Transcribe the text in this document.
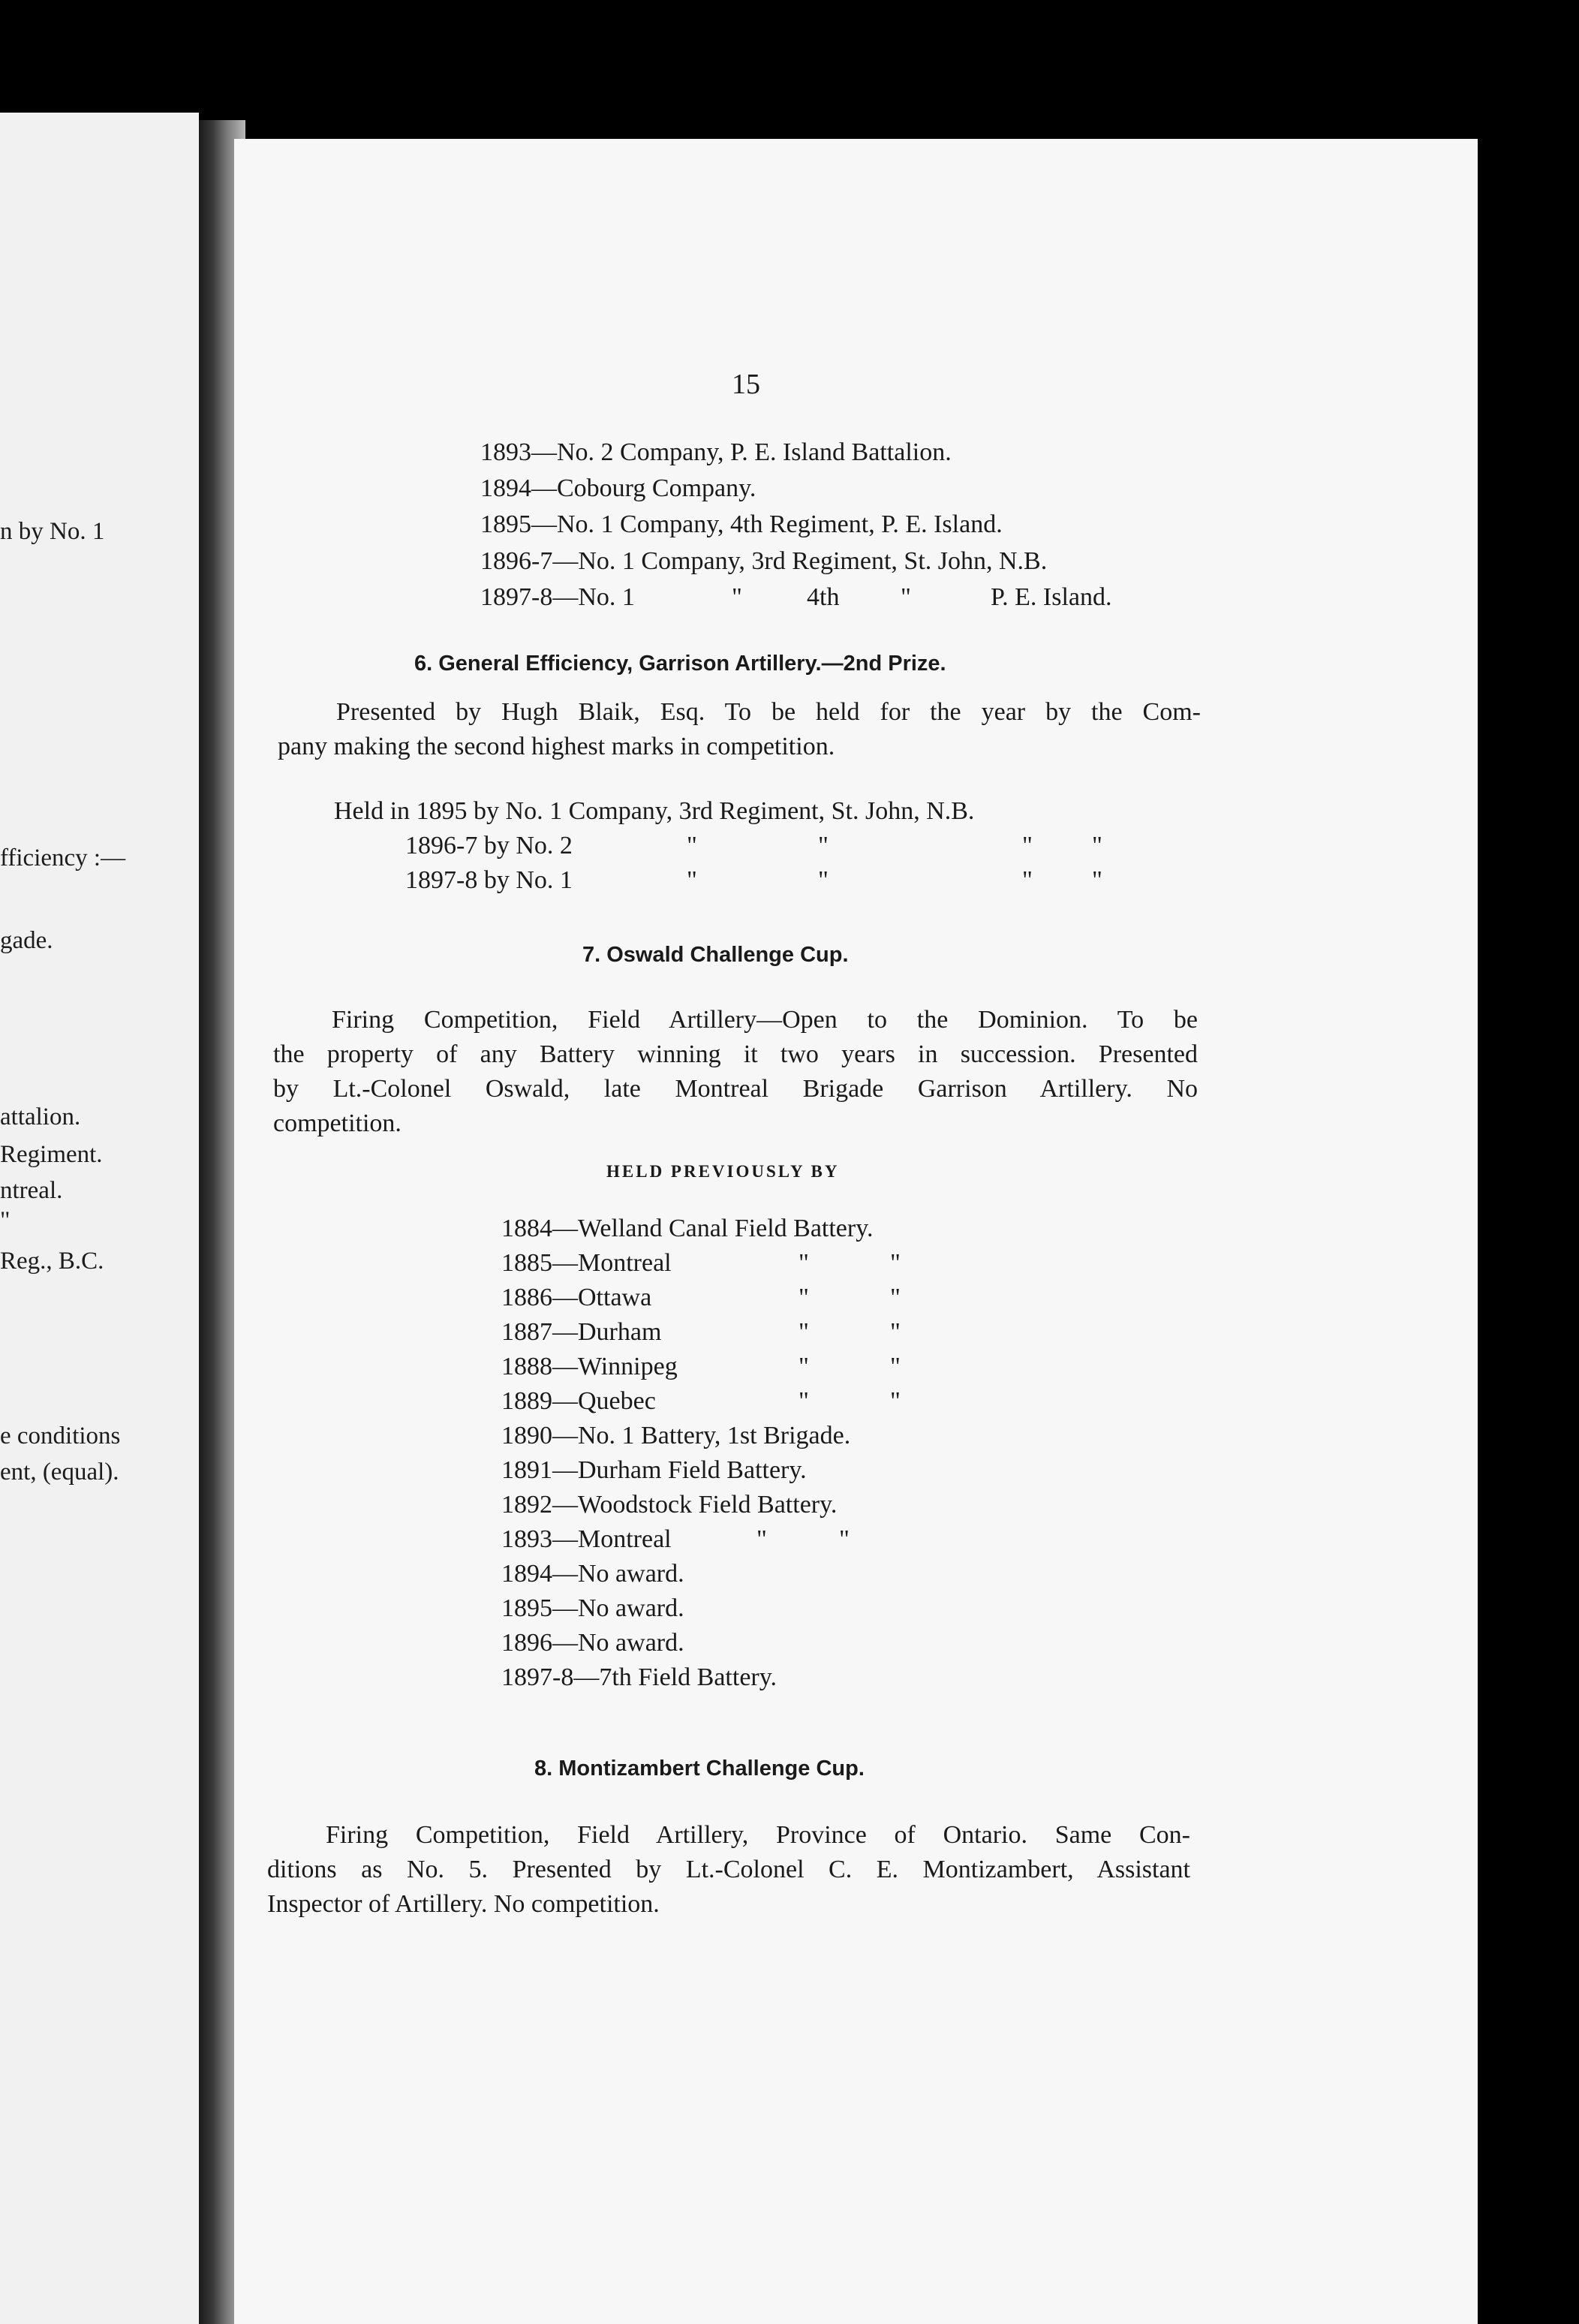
n by No. 1
fficiency :—
gade.
attalion.
Regiment.
ntreal.
"
Reg., B.C.
e conditions
ent, (equal).
15
1893—No. 2 Company, P. E. Island Battalion.
1894—Cobourg Company.
1895—No. 1 Company, 4th Regiment, P. E. Island.
1896-7—No. 1 Company, 3rd Regiment, St. John, N.B.
1897-8—No. 1	"	4th "	P. E. Island.
6. General Efficiency, Garrison Artillery.—2nd Prize.
Presented by Hugh Blaik, Esq. To be held for the year by the Com-
pany making the second highest marks in competition.
Held in 1895 by No. 1 Company, 3rd Regiment, St. John, N.B.
1896-7 by No. 2	"	"	" "
1897-8 by No. 1	"	"	" "
7. Oswald Challenge Cup.
Firing Competition, Field Artillery—Open to the Dominion. To be
the property of any Battery winning it two years in succession. Presented
by Lt.-Colonel Oswald, late Montreal Brigade Garrison Artillery. No
competition.
HELD PREVIOUSLY BY
1884—Welland Canal Field Battery.
1885—Montreal	"	"
1886—Ottawa	"	"
1887—Durham	"	"
1888—Winnipeg	"	"
1889—Quebec	"	"
1890—No. 1 Battery, 1st Brigade.
1891—Durham Field Battery.
1892—Woodstock Field Battery.
1893—Montreal	"	"
1894—No award.
1895—No award.
1896—No award.
1897-8—7th Field Battery.
8. Montizambert Challenge Cup.
Firing Competition, Field Artillery, Province of Ontario. Same Con-
ditions as No. 5. Presented by Lt.-Colonel C. E. Montizambert, Assistant
Inspector of Artillery. No competition.
